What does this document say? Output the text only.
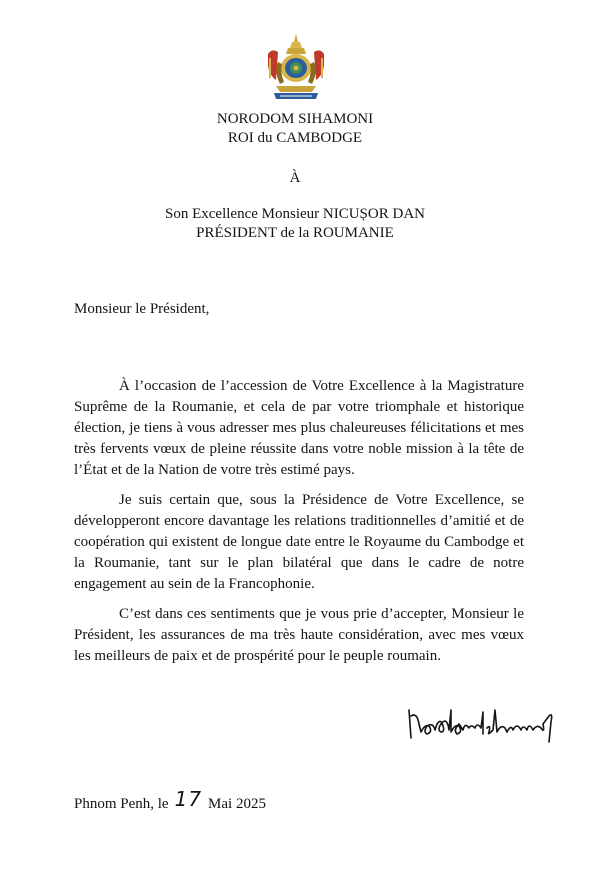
NORODOM SIHAMONI
ROI du CAMBODGE
À
Son Excellence Monsieur NICUȘOR DAN
PRÉSIDENT de la ROUMANIE
Monsieur le Président,

À l’occasion de l’accession de Votre Excellence à la Magistrature Suprême de la Roumanie, et cela de par votre triomphale et historique élection, je tiens à vous adresser mes plus chaleureuses félicitations et mes très fervents vœux de pleine réussite dans votre noble mission à la tête de l’État et de la Nation de votre très estimé pays.

Je suis certain que, sous la Présidence de Votre Excellence, se développeront encore davantage les relations traditionnelles d’amitié et de coopération qui existent de longue date entre le Royaume du Cambodge et la Roumanie, tant sur le plan bilatéral que dans le cadre de notre engagement au sein de la Francophonie.

C’est dans ces sentiments que je vous prie d’accepter, Monsieur le Président, les assurances de ma très haute considération, avec mes vœux les meilleurs de paix et de prospérité pour le peuple roumain.

Phnom Penh, le 17 Mai 2025
